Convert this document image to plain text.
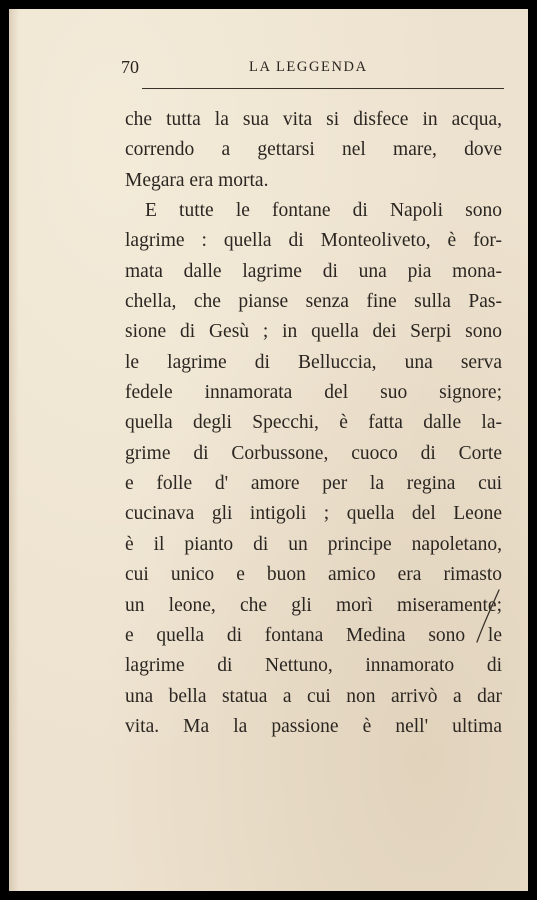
70	LA LEGGENDA
che tutta la sua vita si disfece in acqua,
correndo a gettarsi nel mare, dove
Megara era morta.
E tutte le fontane di Napoli sono
lagrime : quella di Monteoliveto, è for-
mata dalle lagrime di una pia mona-
chella, che pianse senza fine sulla Pas-
sione di Gesù ; in quella dei Serpi sono
le lagrime di Belluccia, una serva
fedele innamorata del suo signore;
quella degli Specchi, è fatta dalle la-
grime di Corbussone, cuoco di Corte
e folle d' amore per la regina cui
cucinava gli intigoli ; quella del Leone
è il pianto di un principe napoletano,
cui unico e buon amico era rimasto
un leone, che gli morì miseramente;
e quella di fontana Medina sono le
lagrime di Nettuno, innamorato di
una bella statua a cui non arrivò a dar
vita. Ma la passione è nell' ultima
